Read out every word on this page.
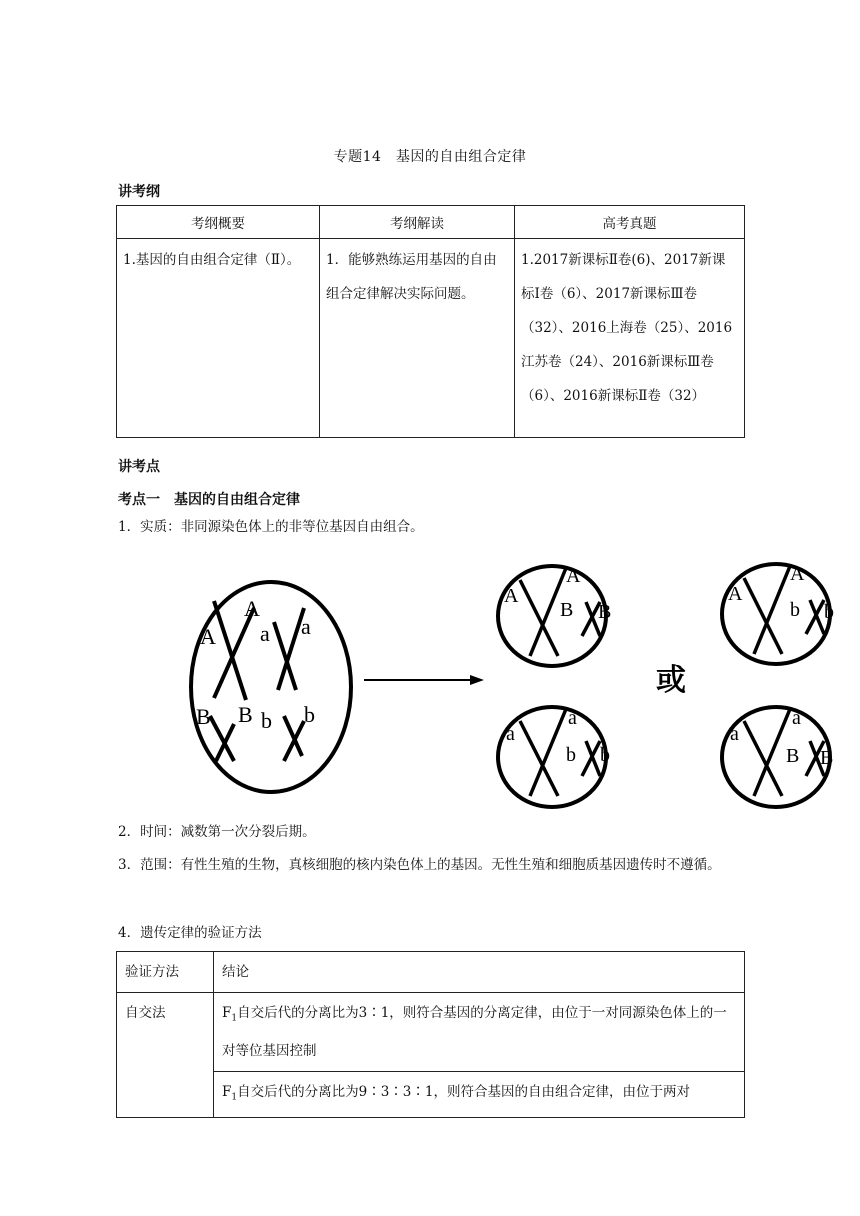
专题14　基因的自由组合定律
讲考纲
考纲概要	考纲解读	高考真题
1.基因的自由组合定律（Ⅱ）。	1．能够熟练运用基因的自由组合定律解决实际问题。	1.2017新课标Ⅱ卷(6)、2017新课标Ⅰ卷（6）、2017新课标Ⅲ卷（32）、2016上海卷（25）、2016江苏卷（24）、2016新课标Ⅲ卷（6）、2016新课标Ⅱ卷（32）
讲考点
考点一　基因的自由组合定律
1．实质：非同源染色体上的非等位基因自由组合。
A
A
a a
B B b b
A
A
B B
a
a
b b
或
A
A
b b
a
a
B B
2．时间：减数第一次分裂后期。
3．范围：有性生殖的生物，真核细胞的核内染色体上的基因。无性生殖和细胞质基因遗传时不遵循。
4．遗传定律的验证方法
验证方法	结论
自交法	$F_1$自交后代的分离比为3∶1，则符合基因的分离定律，由位于一对同源染色体上的一对等位基因控制
	$F_1$自交后代的分离比为9∶3∶3∶1，则符合基因的自由组合定律，由位于两对
